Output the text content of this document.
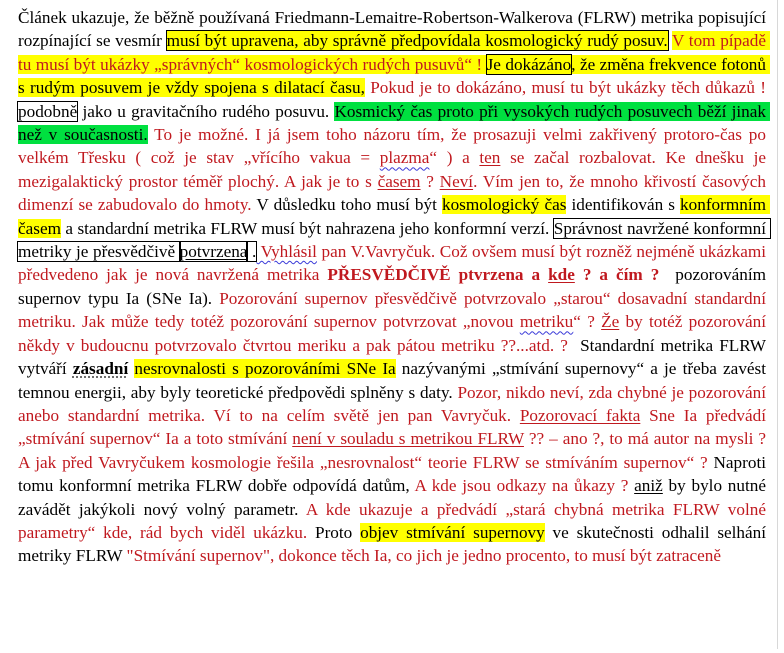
Článek ukazuje, že běžně používaná Friedmann-Lemaitre-Robertson-Walkerova (FLRW) metrika popisující rozpínající se vesmír musí být upravena, aby správně předpovídala kosmologický rudý posuv. V tom pípadě tu musí být ukázky „správných“ kosmologických rudých pusuvů“ ! Je dokázáno, že změna frekvence fotonů s rudým posuvem je vždy spojena s dilatací času, Pokud je to dokázáno, musí tu být ukázky těch důkazů ! podobně jako u gravitačního rudého posuvu. Kosmický čas proto při vysokých rudých posuvech běží jinak než v současnosti. To je možné. I já jsem toho názoru tím, že prosazuji velmi zakřivený protoro-čas po velkém Třesku ( což je stav „vřícího vakua = plazma“ ) a ten se začal rozbalovat. Ke dnešku je mezigalaktický prostor téměř plochý. A jak je to s časem ? Neví. Vím jen to, že mnoho křivostí časových dimenzí se zabudovalo do hmoty. V důsledku toho musí být kosmologický čas identifikován s konformním časem a standardní metrika FLRW musí být nahrazena jeho konformní verzí. Správnost navržené konformní metriky je přesvědčivě potvrzena . Vyhlásil pan V.Vavryčuk. Což ovšem musí být rozněž nejméně ukázkami předvedeno jak je nová navržená metrika PŘESVĚDČIVĚ ptvrzena a kde ? a čím ?  pozorováním supernov typu Ia (SNe Ia). Pozorování supernov přesvědčivě potvrzovalo „starou“ dosavadní standardní metriku. Jak může tedy totéž pozorování supernov potvrzovat „novou metriku“ ? Že by totéž pozorování někdy v budoucnu potvrzovalo čtvrtou meriku a pak pátou metriku ??...atd. ?  Standardní metrika FLRW vytváří zásadní nesrovnalosti s pozorováními SNe Ia nazývanými „stmívání supernovy“ a je třeba zavést temnou energii, aby byly teoretické předpovědi splněny s daty. Pozor, nikdo neví, zda chybné je pozorování anebo standardní metrika. Ví to na celím světě jen pan Vavryčuk. Pozorovací fakta Sne Ia předvádí „stmívání supernov“ Ia a toto stmívání není v souladu s metrikou FLRW ?? – ano ?, to má autor na mysli ? A jak před Vavryčukem kosmologie řešila „nesrovnalost“ teorie FLRW se stmíváním supernov“ ? Naproti tomu konformní metrika FLRW dobře odpovídá datům, A kde jsou odkazy na ůkazy ? aniž by bylo nutné zavádět jakýkoli nový volný parametr. A kde ukazuje a předvádí „stará chybná metrika FLRW volné parametry“ kde, rád bych viděl ukázku. Proto objev stmívání supernovy ve skutečnosti odhalil selhání metriky FLRW "Stmívání supernov", dokonce těch Ia, co jich je jedno procento, to musí být zatraceně
